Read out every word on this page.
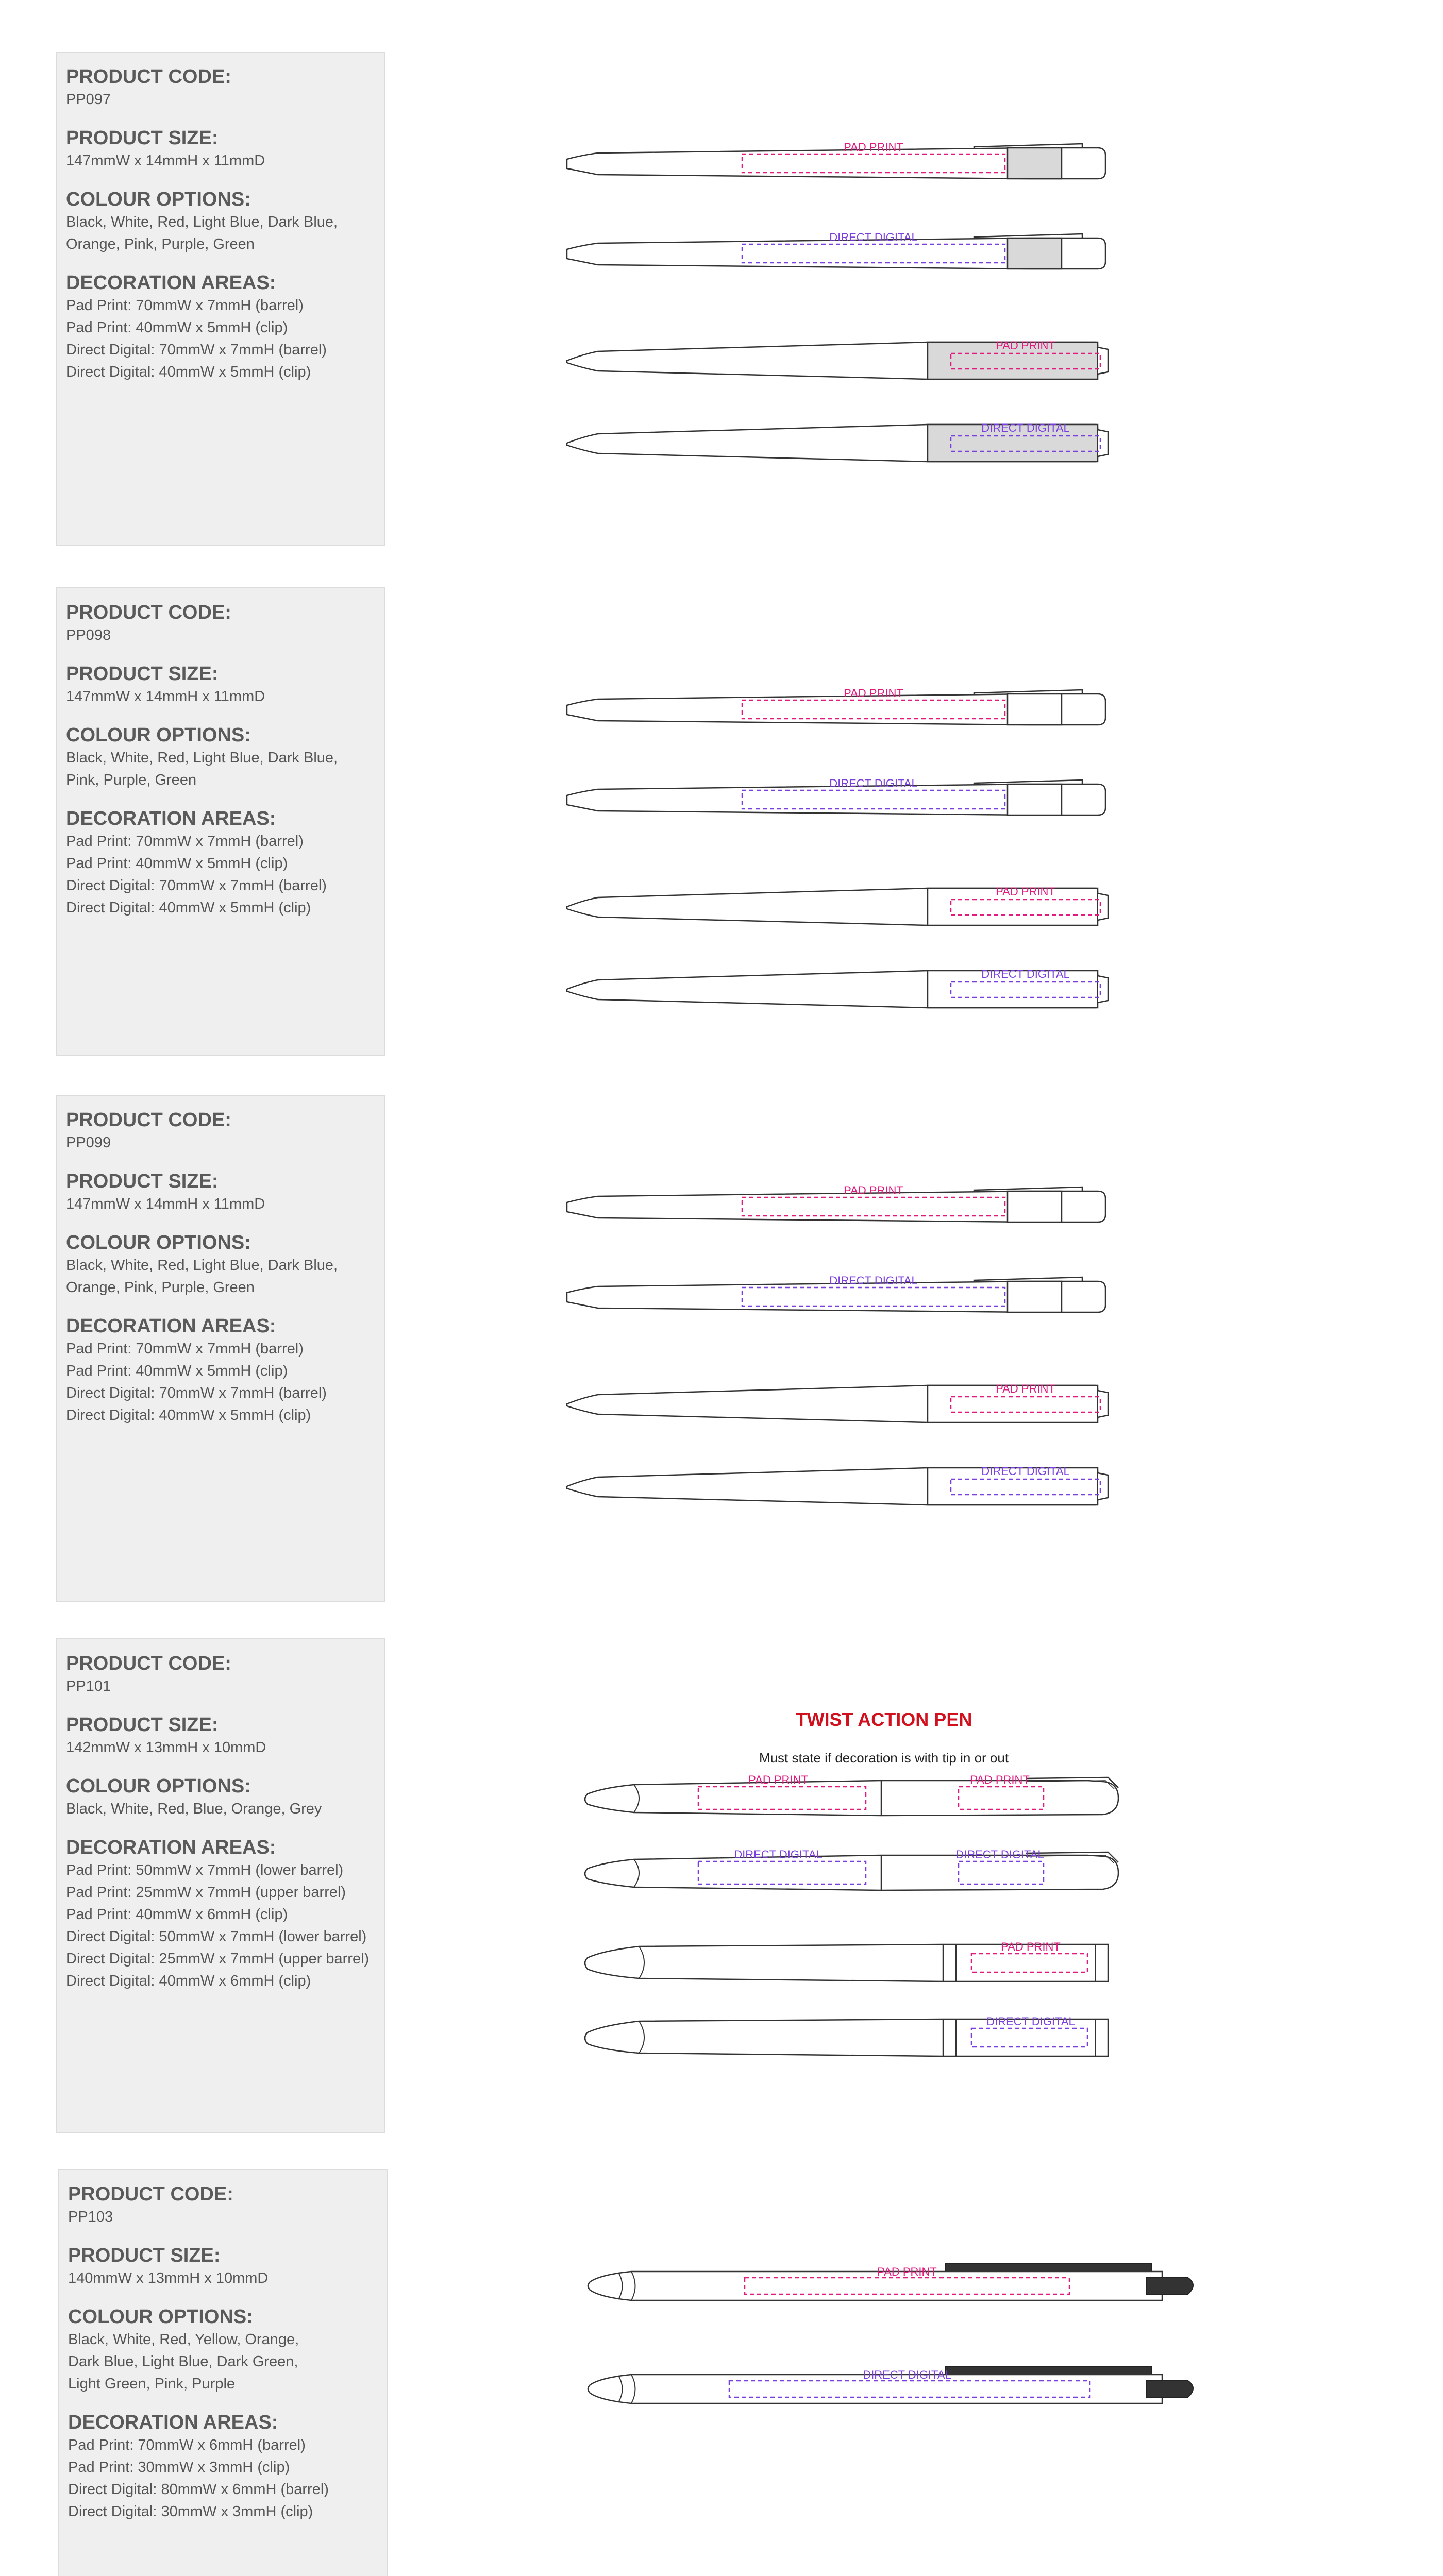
PRODUCT CODE:

PP097

PRODUCT SIZE:

147mmW x 14mmH x 11mmD

COLOUR OPTIONS:

Black, White, Red, Light Blue, Dark Blue,

Orange, Pink, Purple, Green

DECORATION AREAS:

Pad Print: 70mmW x 7mmH (barrel)

Pad Print: 40mmW x 5mmH (clip)

Direct Digital: 70mmW x 7mmH (barrel)

Direct Digital: 40mmW x 5mmH (clip)

PAD PRINT
DIRECT DIGITAL
PAD PRINT
DIRECT DIGITAL

PRODUCT CODE:

PP098

PRODUCT SIZE:

147mmW x 14mmH x 11mmD

COLOUR OPTIONS:

Black, White, Red, Light Blue, Dark Blue,

Pink, Purple, Green

DECORATION AREAS:

Pad Print: 70mmW x 7mmH (barrel)

Pad Print: 40mmW x 5mmH (clip)

Direct Digital: 70mmW x 7mmH (barrel)

Direct Digital: 40mmW x 5mmH (clip)

PAD PRINT
DIRECT DIGITAL
PAD PRINT
DIRECT DIGITAL

PRODUCT CODE:

PP099

PRODUCT SIZE:

147mmW x 14mmH x 11mmD

COLOUR OPTIONS:

Black, White, Red, Light Blue, Dark Blue,

Orange, Pink, Purple, Green

DECORATION AREAS:

Pad Print: 70mmW x 7mmH (barrel)

Pad Print: 40mmW x 5mmH (clip)

Direct Digital: 70mmW x 7mmH (barrel)

Direct Digital: 40mmW x 5mmH (clip)

PAD PRINT
DIRECT DIGITAL
PAD PRINT
DIRECT DIGITAL

PRODUCT CODE:

PP101

PRODUCT SIZE:

142mmW x 13mmH x 10mmD

COLOUR OPTIONS:

Black, White, Red, Blue, Orange, Grey

DECORATION AREAS:

Pad Print: 50mmW x 7mmH (lower barrel)

Pad Print: 25mmW x 7mmH (upper barrel)

Pad Print: 40mmW x 6mmH (clip)

Direct Digital: 50mmW x 7mmH (lower barrel)

Direct Digital: 25mmW x 7mmH (upper barrel)

Direct Digital: 40mmW x 6mmH (clip)

PAD PRINT	PAD PRINT
DIRECT DIGITAL	DIRECT DIGITAL
PAD PRINT
DIRECT DIGITAL

TWIST ACTION PEN

Must state if decoration is with tip in or out

PRODUCT CODE:

PP103

PRODUCT SIZE:

140mmW x 13mmH x 10mmD

COLOUR OPTIONS:

Black, White, Red, Yellow, Orange,

Dark Blue, Light Blue, Dark Green,

Light Green, Pink, Purple

DECORATION AREAS:

Pad Print: 70mmW x 6mmH (barrel)

Pad Print: 30mmW x 3mmH (clip)

Direct Digital: 80mmW x 6mmH (barrel)

Direct Digital: 30mmW x 3mmH (clip)

PAD PRINT
DIRECT DIGITAL
